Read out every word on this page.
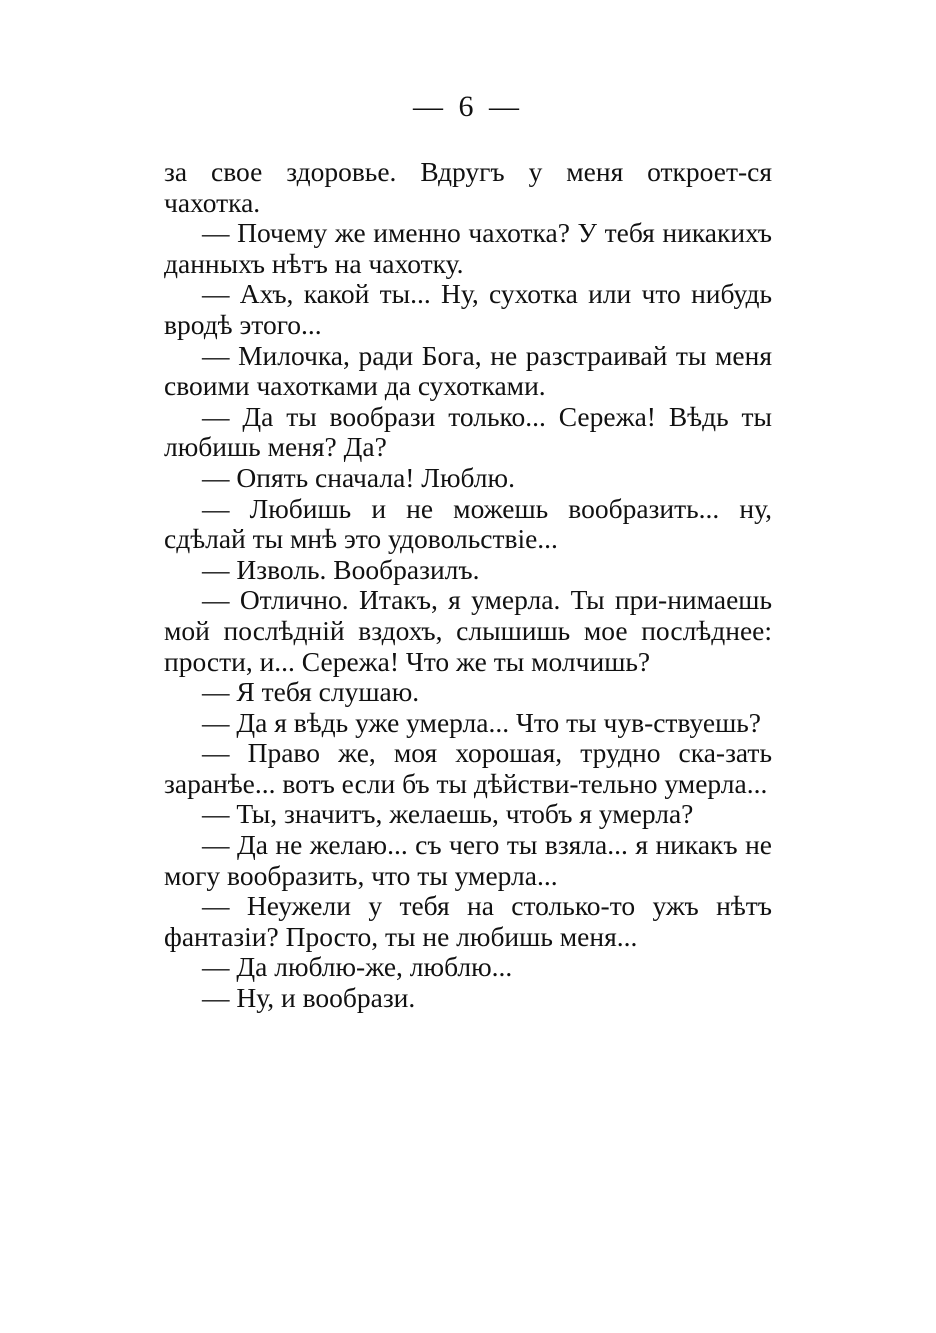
— 6 —

за свое здоровье. Вдругъ у меня откроет-ся чахотка.

— Почему же именно чахотка? У тебя никакихъ данныхъ нѣтъ на чахотку.

— Ахъ, какой ты... Ну, сухотка или что нибудь вродѣ этого...

— Милочка, ради Бога, не разстраивай ты меня своими чахотками да сухотками.

— Да ты вообрази только... Сережа! Вѣдь ты любишь меня? Да?

— Опять сначала! Люблю.

— Любишь и не можешь вообразить... ну, сдѣлай ты мнѣ это удовольствіе...

— Изволь. Вообразилъ.

— Отлично. Итакъ, я умерла. Ты при-нимаешь мой послѣдній вздохъ, слышишь мое послѣднее: прости, и... Сережа! Что же ты молчишь?

— Я тебя слушаю.

— Да я вѣдь уже умерла... Что ты чув-ствуешь?

— Право же, моя хорошая, трудно ска-зать заранѣе... вотъ если бъ ты дѣйстви-тельно умерла...

— Ты, значитъ, желаешь, чтобъ я умерла?

— Да не желаю... съ чего ты взяла... я никакъ не могу вообразить, что ты умерла...

— Неужели у тебя на столько-то ужъ нѣтъ фантазіи? Просто, ты не любишь меня...

— Да люблю-же, люблю...

— Ну, и вообрази.
